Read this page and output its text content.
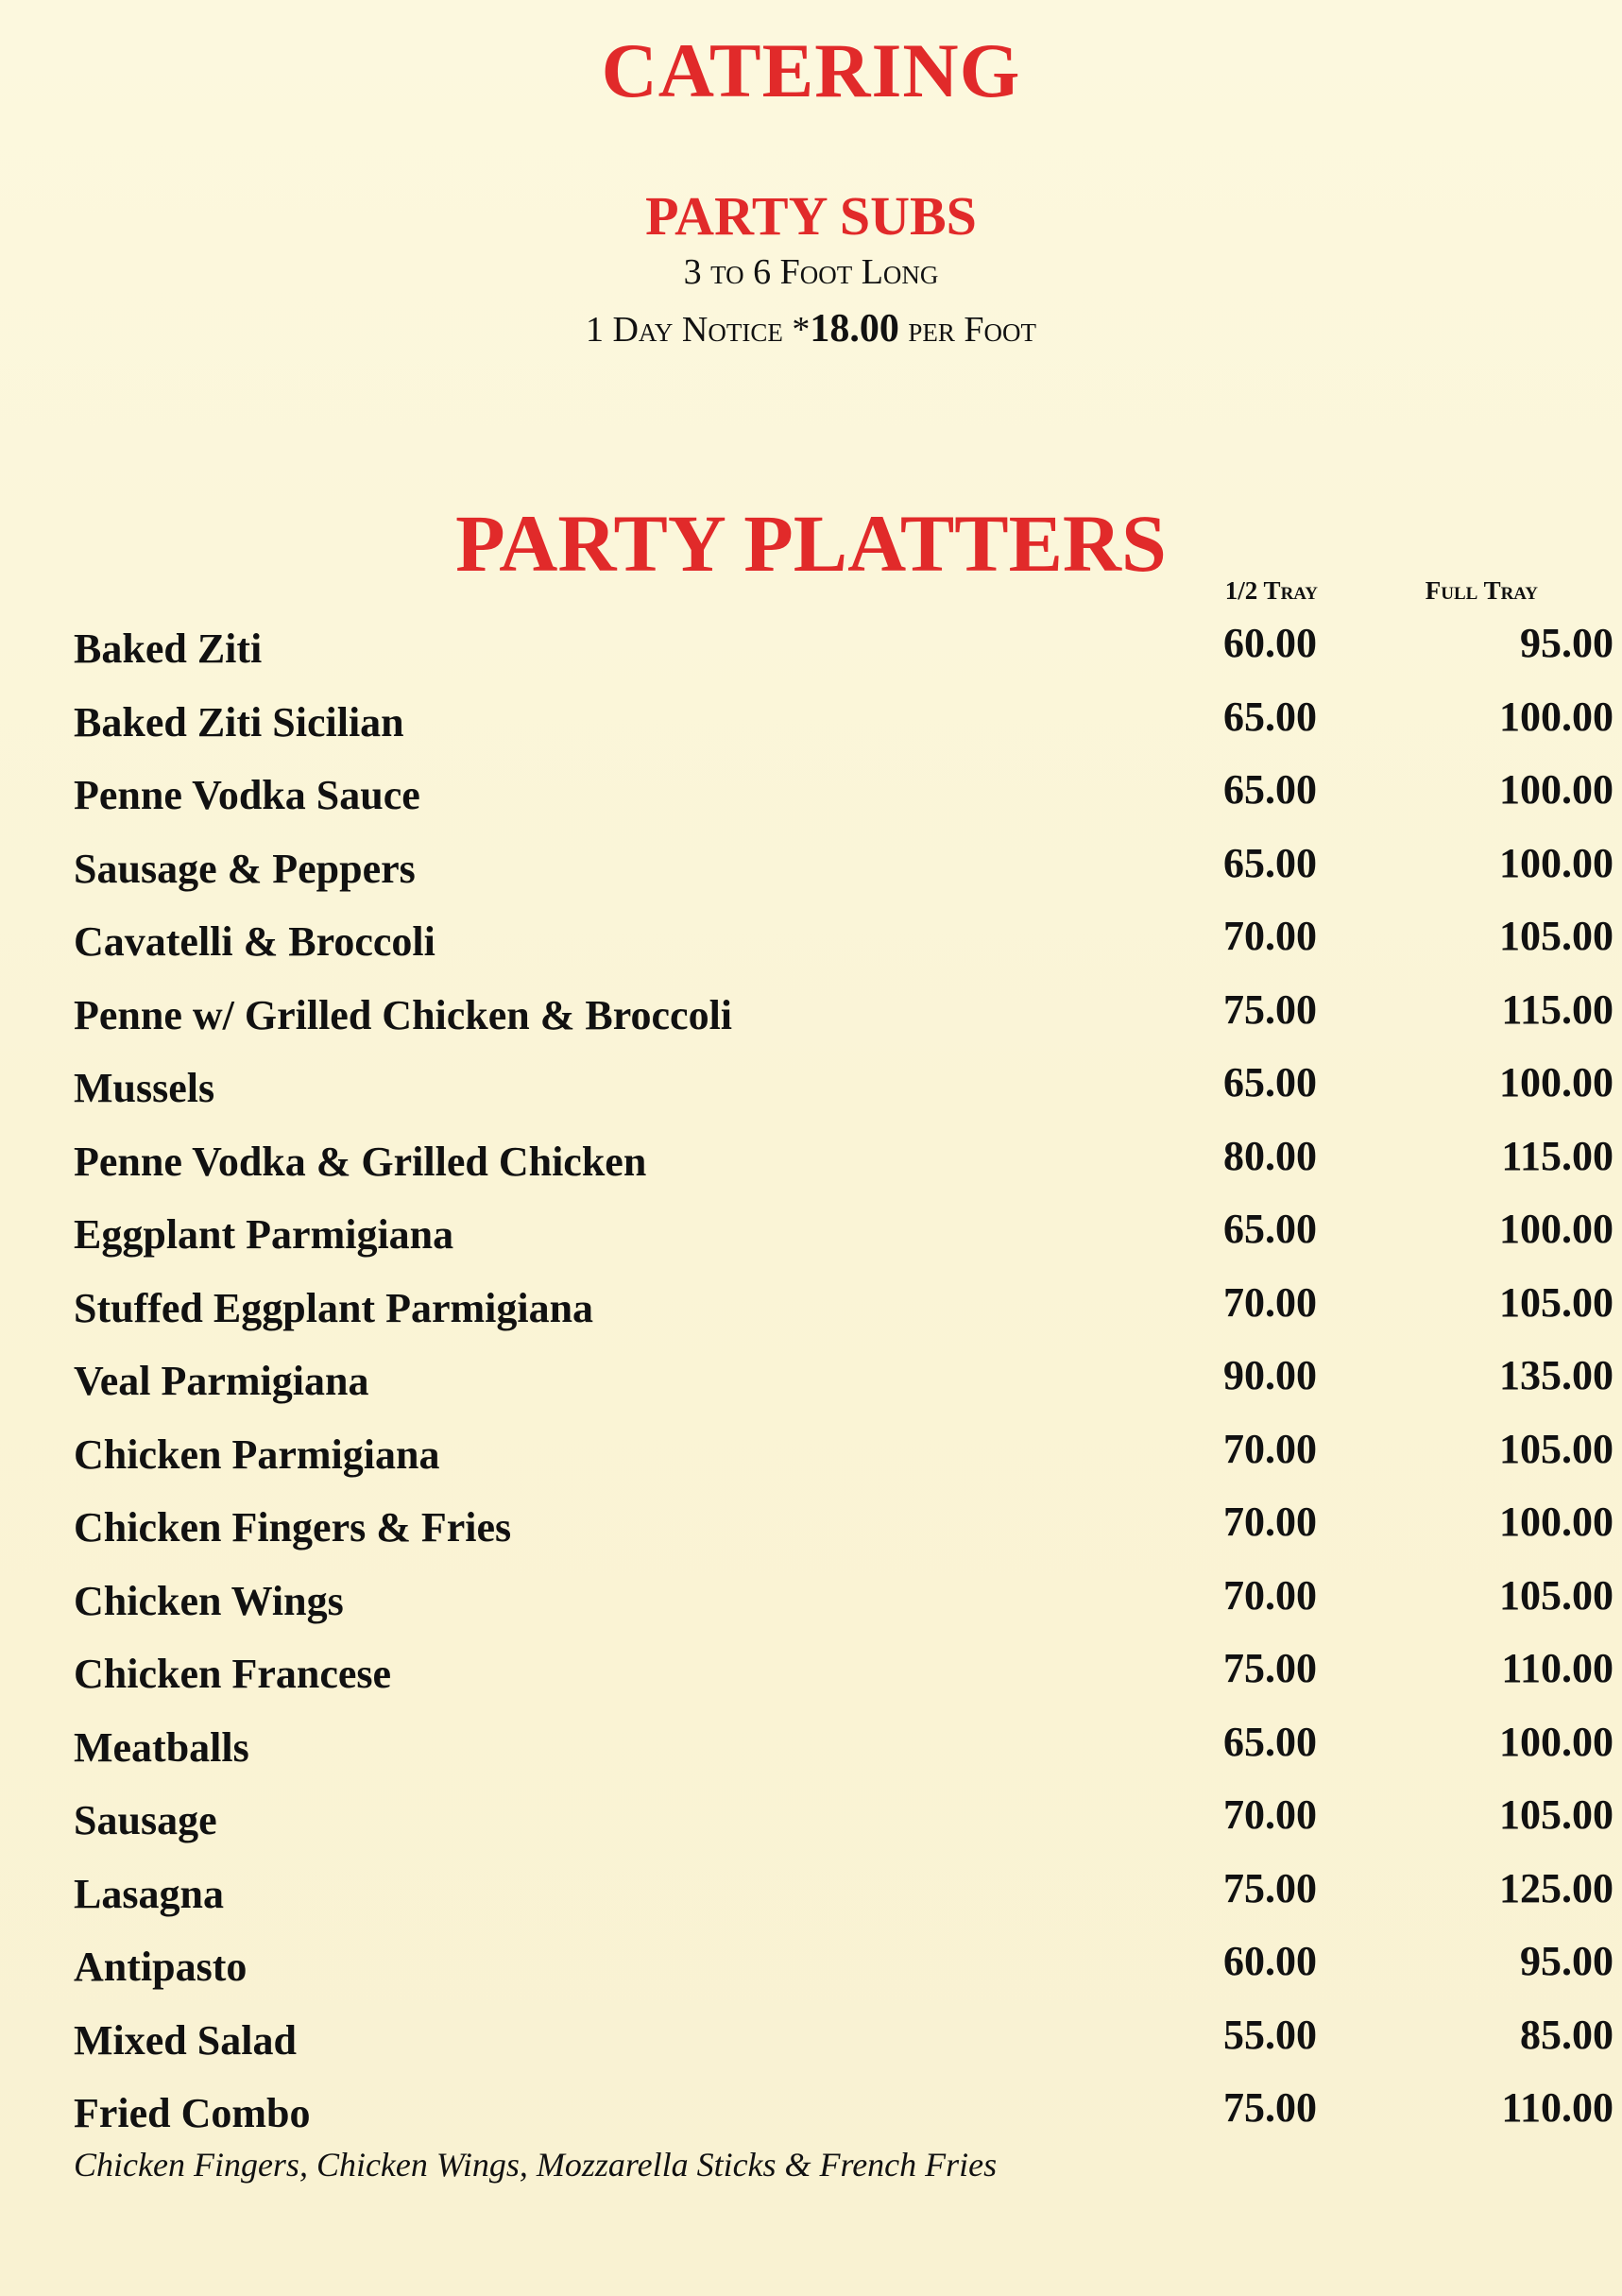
CATERING
PARTY SUBS

3 to 6 Foot Long

1 Day Notice *18.00 per Foot

PARTY PLATTERS
1/2 Tray	Full Tray
Baked Ziti	60.00	95.00
Baked Ziti Sicilian	65.00	100.00
Penne Vodka Sauce	65.00	100.00
Sausage & Peppers	65.00	100.00
Cavatelli & Broccoli	70.00	105.00
Penne w/ Grilled Chicken & Broccoli	75.00	115.00
Mussels	65.00	100.00
Penne Vodka & Grilled Chicken	80.00	115.00
Eggplant Parmigiana	65.00	100.00
Stuffed Eggplant Parmigiana	70.00	105.00
Veal Parmigiana	90.00	135.00
Chicken Parmigiana	70.00	105.00
Chicken Fingers & Fries	70.00	100.00
Chicken Wings	70.00	105.00
Chicken Francese	75.00	110.00
Meatballs	65.00	100.00
Sausage	70.00	105.00
Lasagna	75.00	125.00
Antipasto	60.00	95.00
Mixed Salad	55.00	85.00
Fried Combo	75.00	110.00
Chicken Fingers, Chicken Wings, Mozzarella Sticks & French Fries
